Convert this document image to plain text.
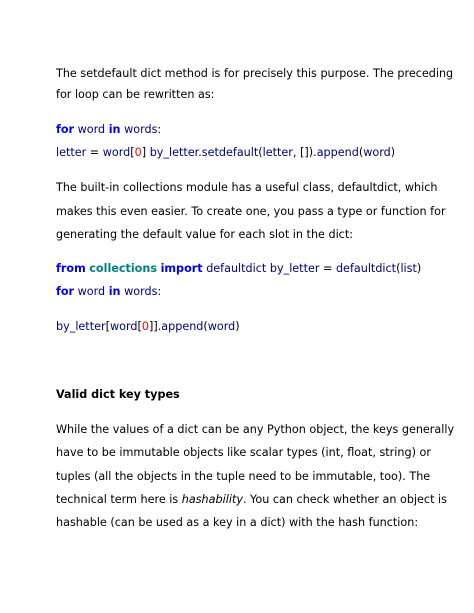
The setdefault dict method is for precisely this purpose. The preceding
for loop can be rewritten as:
for word in words:
letter = word[0] by_letter.setdefault(letter, []).append(word)
The built-in collections module has a useful class, defaultdict, which
makes this even easier. To create one, you pass a type or function for
generating the default value for each slot in the dict:
from collections import defaultdict by_letter = defaultdict(list)
for word in words:
by_letter[word[0]].append(word)
Valid dict key types
While the values of a dict can be any Python object, the keys generally
have to be immutable objects like scalar types (int, float, string) or
tuples (all the objects in the tuple need to be immutable, too). The
technical term here is hashability. You can check whether an object is
hashable (can be used as a key in a dict) with the hash function:
